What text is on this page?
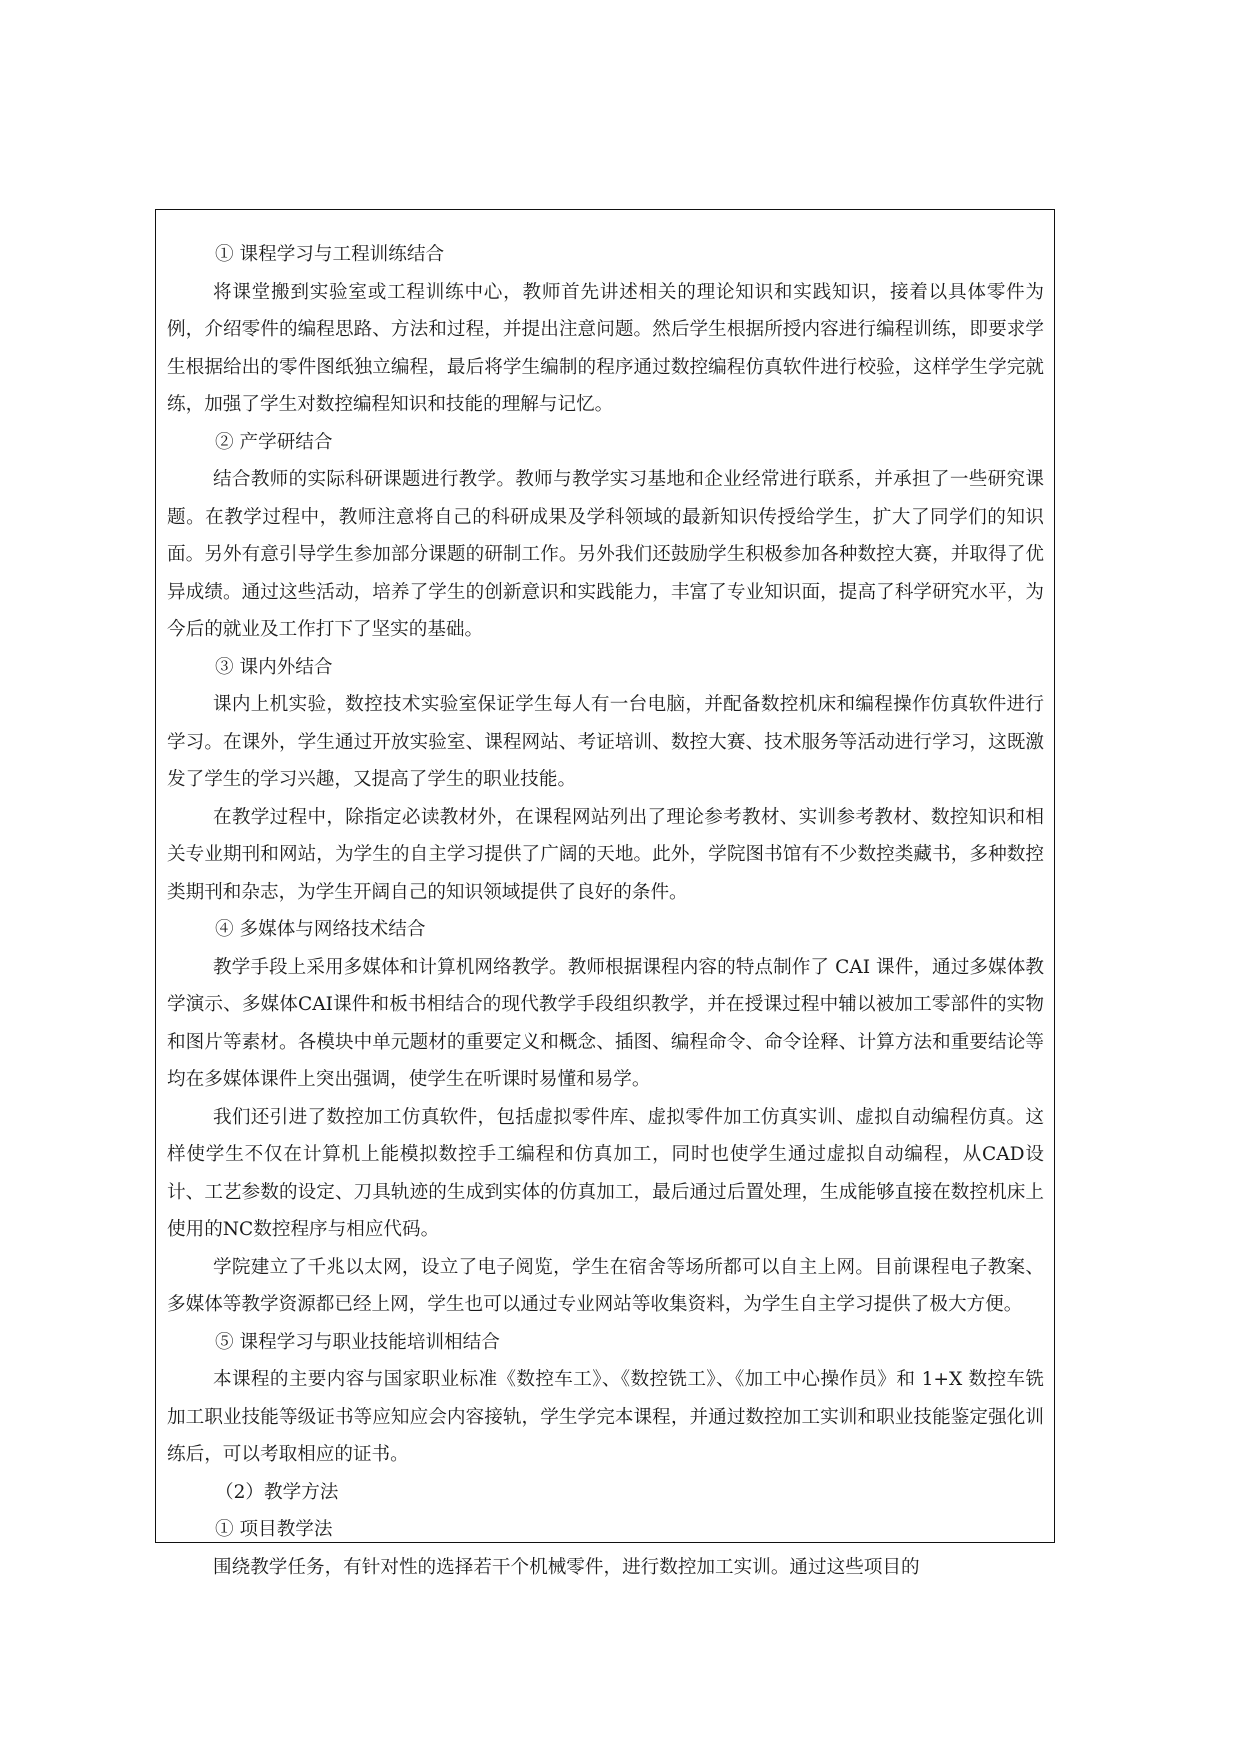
① 课程学习与工程训练结合

将课堂搬到实验室或工程训练中心，教师首先讲述相关的理论知识和实践知识，接着以具体零件为例，介绍零件的编程思路、方法和过程，并提出注意问题。然后学生根据所授内容进行编程训练，即要求学生根据给出的零件图纸独立编程，最后将学生编制的程序通过数控编程仿真软件进行校验，这样学生学完就练，加强了学生对数控编程知识和技能的理解与记忆。

② 产学研结合

结合教师的实际科研课题进行教学。教师与教学实习基地和企业经常进行联系，并承担了一些研究课题。在教学过程中，教师注意将自己的科研成果及学科领域的最新知识传授给学生，扩大了同学们的知识面。另外有意引导学生参加部分课题的研制工作。另外我们还鼓励学生积极参加各种数控大赛，并取得了优异成绩。通过这些活动，培养了学生的创新意识和实践能力，丰富了专业知识面，提高了科学研究水平，为今后的就业及工作打下了坚实的基础。

③ 课内外结合

课内上机实验，数控技术实验室保证学生每人有一台电脑，并配备数控机床和编程操作仿真软件进行学习。在课外，学生通过开放实验室、课程网站、考证培训、数控大赛、技术服务等活动进行学习，这既激发了学生的学习兴趣，又提高了学生的职业技能。

在教学过程中，除指定必读教材外，在课程网站列出了理论参考教材、实训参考教材、数控知识和相关专业期刊和网站，为学生的自主学习提供了广阔的天地。此外，学院图书馆有不少数控类藏书，多种数控类期刊和杂志，为学生开阔自己的知识领域提供了良好的条件。

④ 多媒体与网络技术结合

教学手段上采用多媒体和计算机网络教学。教师根据课程内容的特点制作了 CAI 课件，通过多媒体教学演示、多媒体CAI课件和板书相结合的现代教学手段组织教学，并在授课过程中辅以被加工零部件的实物和图片等素材。各模块中单元题材的重要定义和概念、插图、编程命令、命令诠释、计算方法和重要结论等均在多媒体课件上突出强调，使学生在听课时易懂和易学。

我们还引进了数控加工仿真软件，包括虚拟零件库、虚拟零件加工仿真实训、虚拟自动编程仿真。这样使学生不仅在计算机上能模拟数控手工编程和仿真加工，同时也使学生通过虚拟自动编程，从CAD设计、工艺参数的设定、刀具轨迹的生成到实体的仿真加工，最后通过后置处理，生成能够直接在数控机床上使用的NC数控程序与相应代码。

学院建立了千兆以太网，设立了电子阅览，学生在宿舍等场所都可以自主上网。目前课程电子教案、多媒体等教学资源都已经上网，学生也可以通过专业网站等收集资料，为学生自主学习提供了极大方便。

⑤ 课程学习与职业技能培训相结合

本课程的主要内容与国家职业标准《数控车工》、《数控铣工》、《加工中心操作员》和 1+X 数控车铣加工职业技能等级证书等应知应会内容接轨，学生学完本课程，并通过数控加工实训和职业技能鉴定强化训练后，可以考取相应的证书。

（2）教学方法

① 项目教学法

围绕教学任务，有针对性的选择若干个机械零件，进行数控加工实训。通过这些项目的
